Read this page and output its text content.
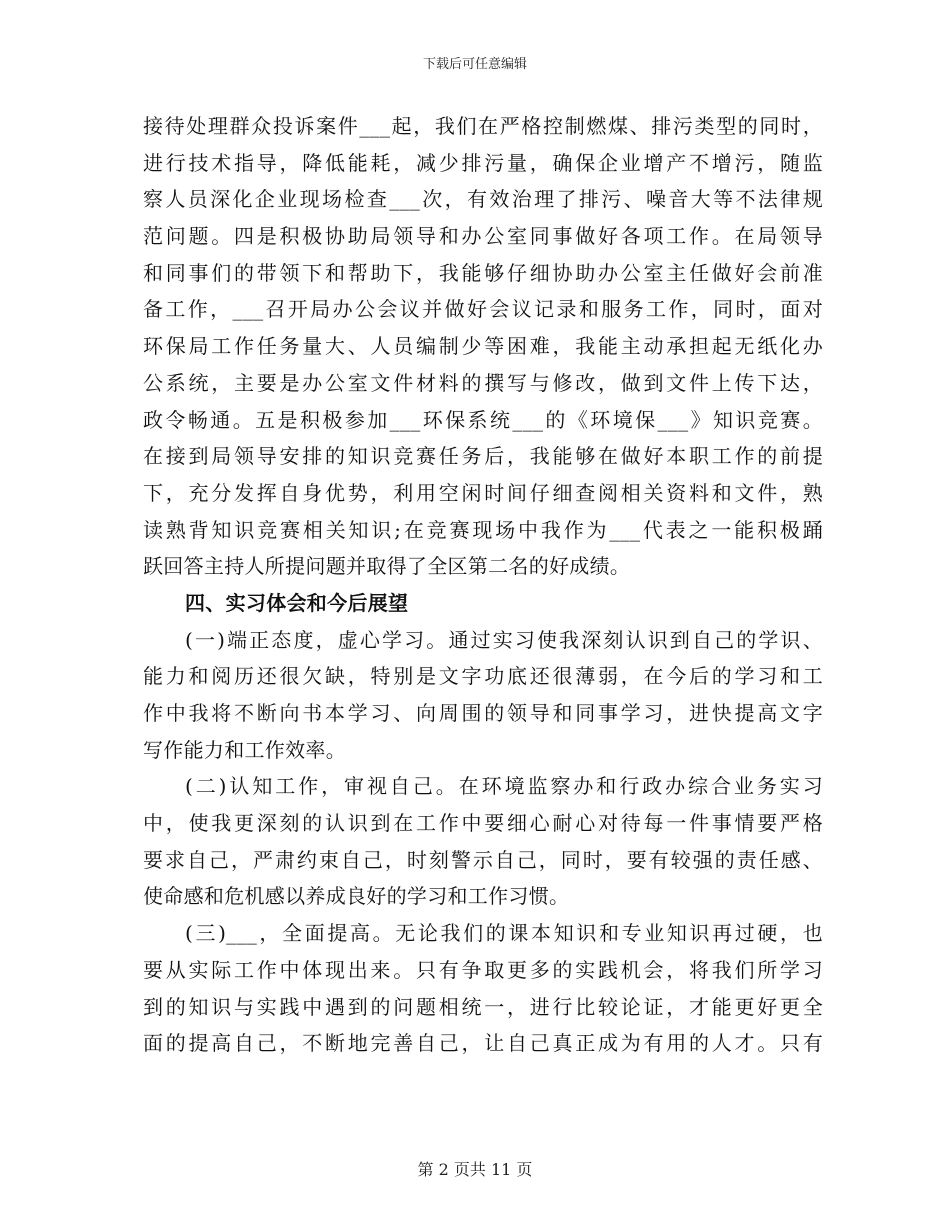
下载后可任意编辑
接待处理群众投诉案件___起，我们在严格控制燃煤、排污类型的同时，
进行技术指导，降低能耗，减少排污量，确保企业增产不增污，随监
察人员深化企业现场检查___次，有效治理了排污、噪音大等不法律规
范问题。四是积极协助局领导和办公室同事做好各项工作。在局领导
和同事们的带领下和帮助下，我能够仔细协助办公室主任做好会前准
备工作，___召开局办公会议并做好会议记录和服务工作，同时，面对
环保局工作任务量大、人员编制少等困难，我能主动承担起无纸化办
公系统，主要是办公室文件材料的撰写与修改，做到文件上传下达，
政令畅通。五是积极参加___环保系统___的《环境保___》知识竞赛。
在接到局领导安排的知识竞赛任务后，我能够在做好本职工作的前提
下，充分发挥自身优势，利用空闲时间仔细查阅相关资料和文件，熟
读熟背知识竞赛相关知识;在竞赛现场中我作为___代表之一能积极踊
跃回答主持人所提问题并取得了全区第二名的好成绩。
四、实习体会和今后展望
(一)端正态度，虚心学习。通过实习使我深刻认识到自己的学识、
能力和阅历还很欠缺，特别是文字功底还很薄弱，在今后的学习和工
作中我将不断向书本学习、向周围的领导和同事学习，进快提高文字
写作能力和工作效率。
(二)认知工作，审视自己。在环境监察办和行政办综合业务实习
中，使我更深刻的认识到在工作中要细心耐心对待每一件事情要严格
要求自己，严肃约束自己，时刻警示自己，同时，要有较强的责任感、
使命感和危机感以养成良好的学习和工作习惯。
(三)___，全面提高。无论我们的课本知识和专业知识再过硬，也
要从实际工作中体现出来。只有争取更多的实践机会，将我们所学习
到的知识与实践中遇到的问题相统一，进行比较论证，才能更好更全
面的提高自己，不断地完善自己，让自己真正成为有用的人才。只有
第 2 页共 11 页
